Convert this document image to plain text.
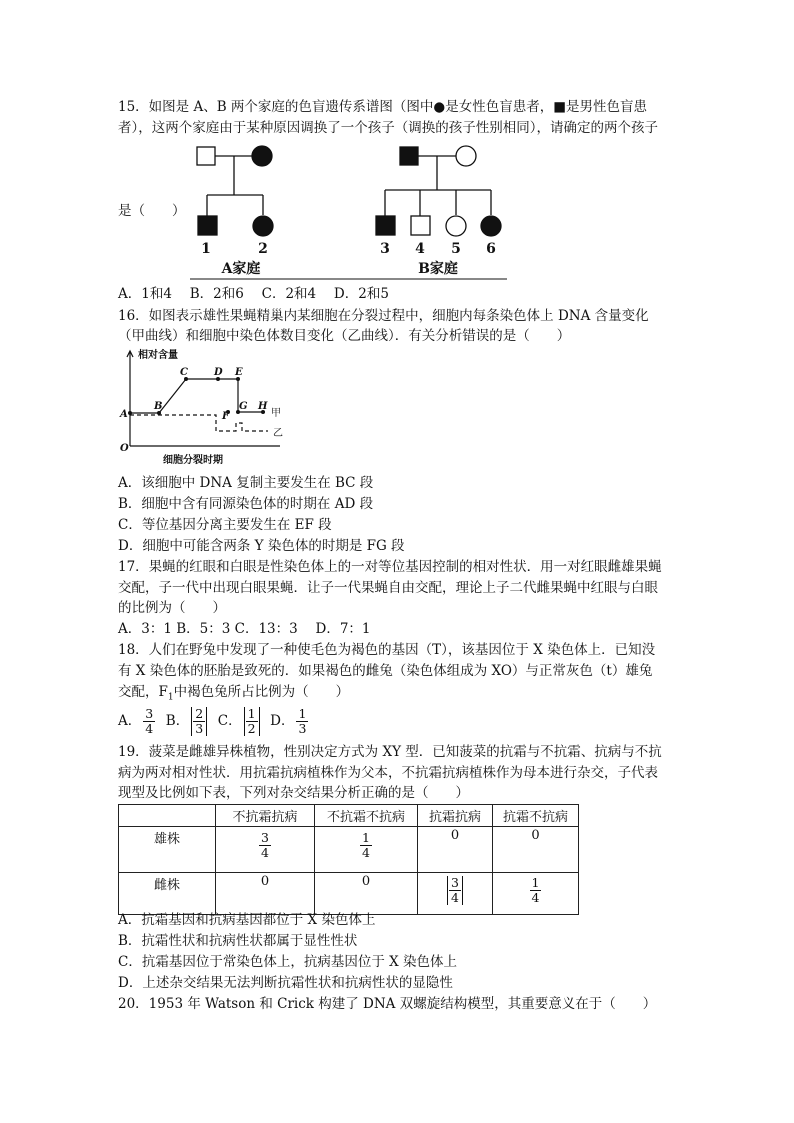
15．如图是 A、B 两个家庭的色盲遗传系谱图（图中●是女性色盲患者，■是男性色盲患
者），这两个家庭由于某种原因调换了一个孩子（调换的孩子性别相同），请确定的两个孩子
是（　　）
1	2	3 4 5 6
A家庭	B家庭
A．1和4　 B．2和6　 C．2和4　 D．2和5
16．如图表示雄性果蝇精巢内某细胞在分裂过程中，细胞内每条染色体上 DNA 含量变化
（甲曲线）和细胞中染色体数目变化（乙曲线）．有关分析错误的是（　　）
相对含量
细胞分裂时期
O
A
B
C	D E
F
G H
甲
乙
A．该细胞中 DNA 复制主要发生在 BC 段
B．细胞中含有同源染色体的时期在 AD 段
C．等位基因分离主要发生在 EF 段
D．细胞中可能含两条 Y 染色体的时期是 FG 段
17．果蝇的红眼和白眼是性染色体上的一对等位基因控制的相对性状．用一对红眼雌雄果蝇
交配，子一代中出现白眼果蝇．让子一代果蝇自由交配，理论上子二代雌果蝇中红眼与白眼
的比例为（　　）
A．3：1 B．5：3 C．13：3　 D．7：1
18．人们在野兔中发现了一种使毛色为褐色的基因（T），该基因位于 X 染色体上．已知没
有 X 染色体的胚胎是致死的．如果褐色的雌兔（染色体组成为 XO）与正常灰色（t）雄兔
交配，$F_1$中褐色兔所占比例为（　　）
A． $\frac{3}{4}$ B． $\frac{2}{3}$ C． $\frac{1}{2}$ D． $\frac{1}{3}$
19．菠菜是雌雄异株植物，性别决定方式为 XY 型．已知菠菜的抗霜与不抗霜、抗病与不抗
病为两对相对性状．用抗霜抗病植株作为父本，不抗霜抗病植株作为母本进行杂交，子代表
现型及比例如下表，下列对杂交结果分析正确的是（　　）
	不抗霜抗病	不抗霜不抗病	抗霜抗病	抗霜不抗病
雄株	$\frac{3}{4}$	$\frac{1}{4}$	0	0
雌株	0	0	$\frac{3}{4}$	$\frac{1}{4}$
A．抗霜基因和抗病基因都位于 X 染色体上
B．抗霜性状和抗病性状都属于显性性状
C．抗霜基因位于常染色体上，抗病基因位于 X 染色体上
D．上述杂交结果无法判断抗霜性状和抗病性状的显隐性
20．1953 年 Watson 和 Crick 构建了 DNA 双螺旋结构模型，其重要意义在于（　　）
